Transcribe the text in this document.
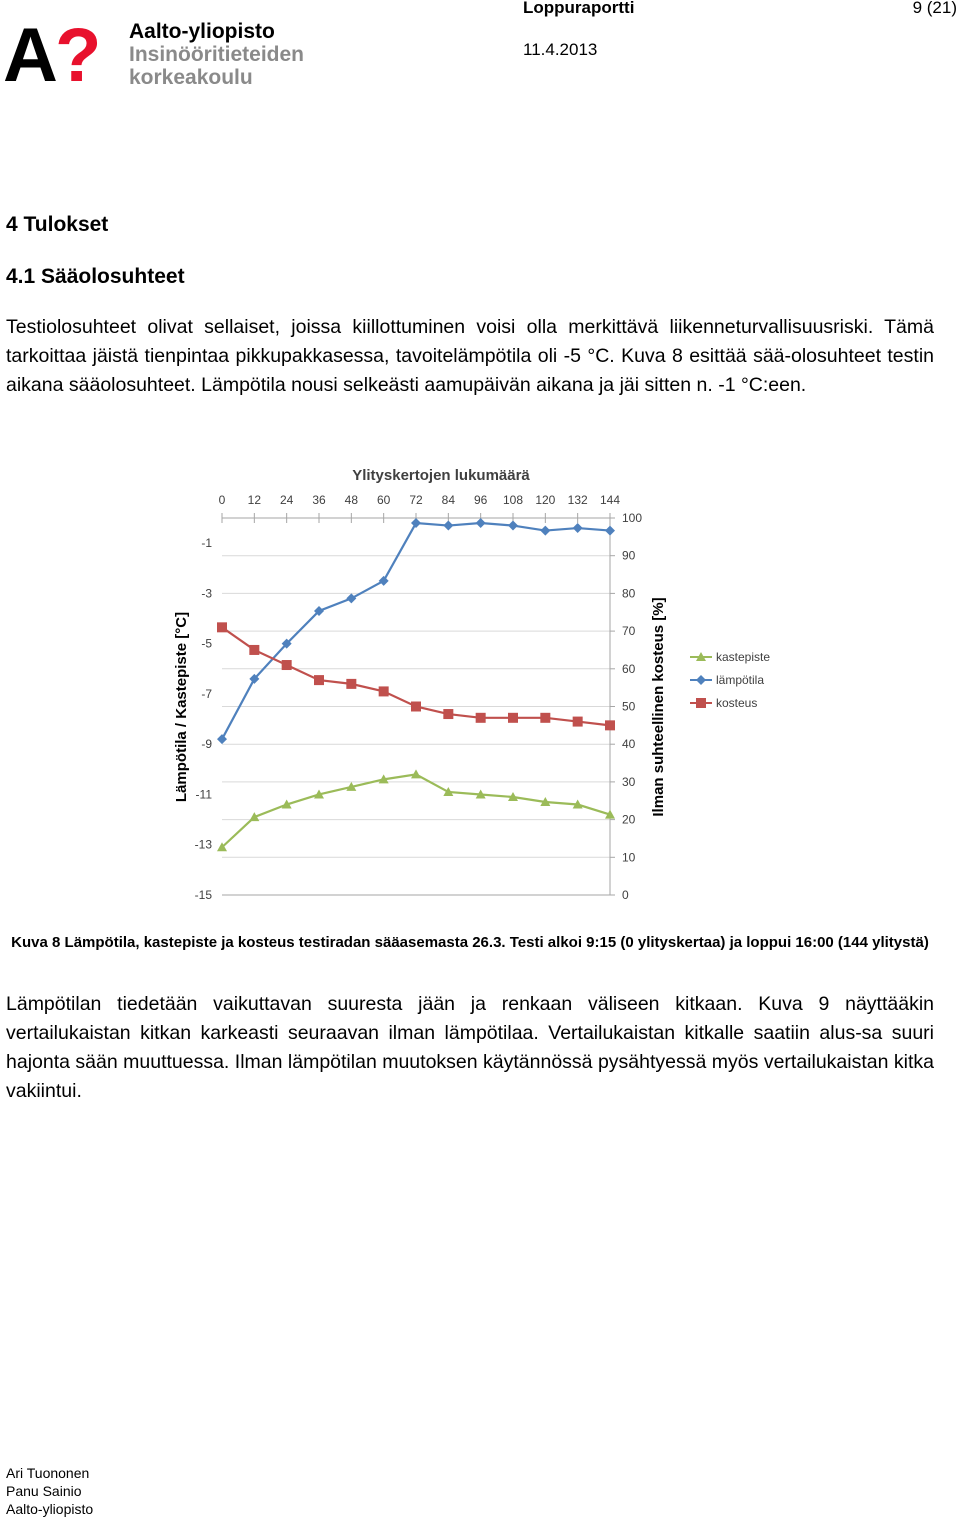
A ? Aalto-yliopisto
Insinööritieteiden
korkeakoulu
Loppuraportti	9 (21)
11.4.2013
4 Tulokset
4.1 Sääolosuhteet

Testiolosuhteet olivat sellaiset, joissa kiillottuminen voisi olla merkittävä liikenneturvallisuusriski. Tämä tarkoittaa jäistä tienpintaa pikkupakkasessa, tavoitelämpötila oli -5 °C. Kuva 8 esittää sää-olosuhteet testin aikana sääolosuhteet. Lämpötila nousi selkeästi aamupäivän aikana ja jäi sitten n. -1 °C:een.

0 12 24 36 48 60 72 84 96 108 120 132 144
-1
-3
-5
-7
-9
-11
-13
-15
100
90
80
70
60
50
40
30
20
10
0
Ylityskertojen lukumäärä
Lämpötila / Kastepiste [°C]	Ilman suhteellinen kosteus [%]	kastepiste
lämpötila
kosteus

Kuva 8 Lämpötila, kastepiste ja kosteus testiradan sääasemasta 26.3. Testi alkoi 9:15 (0 ylityskertaa) ja loppui 16:00 (144 ylitystä)

Lämpötilan tiedetään vaikuttavan suuresta jään ja renkaan väliseen kitkaan. Kuva 9 näyttääkin vertailukaistan kitkan karkeasti seuraavan ilman lämpötilaa. Vertailukaistan kitkalle saatiin alus-sa suuri hajonta sään muuttuessa. Ilman lämpötilan muutoksen käytännössä pysähtyessä myös vertailukaistan kitka vakiintui.

Ari Tuononen
Panu Sainio
Aalto-yliopisto
